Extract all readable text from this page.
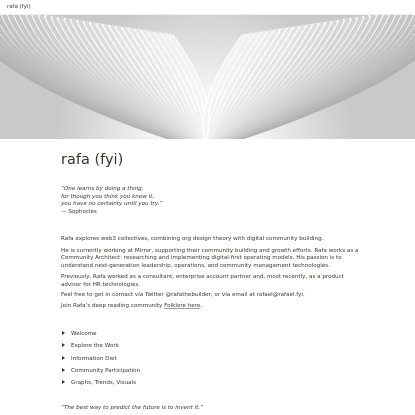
rafa (fyi)
rafa (fyi)
“One learns by doing a thing;
for though you think you know it,
you have no certainty until you try.”
— Sophocles

Rafa explores web3 collectives, combining org design theory with digital community building.

He is currently working at Mirror, supporting their community building and growth efforts. Rafa works as a Community Architect: researching and implementing digital-first operating models. His passion is to understand next-generation leadership, operations, and community management technologies.

Previously, Rafa worked as a consultant, enterprise account partner and, most recently, as a product advisor for HR technologies.

Feel free to get in contact via Twitter @rafathebuilder, or via email at rafael@rafael.fyi.

Join Rafa’s deep reading community Folklore here.

Welcome
Explore the Work
Information Diet
Community Participation
Graphs, Trends, Visuals
“The best way to predict the future is to invent it.”
